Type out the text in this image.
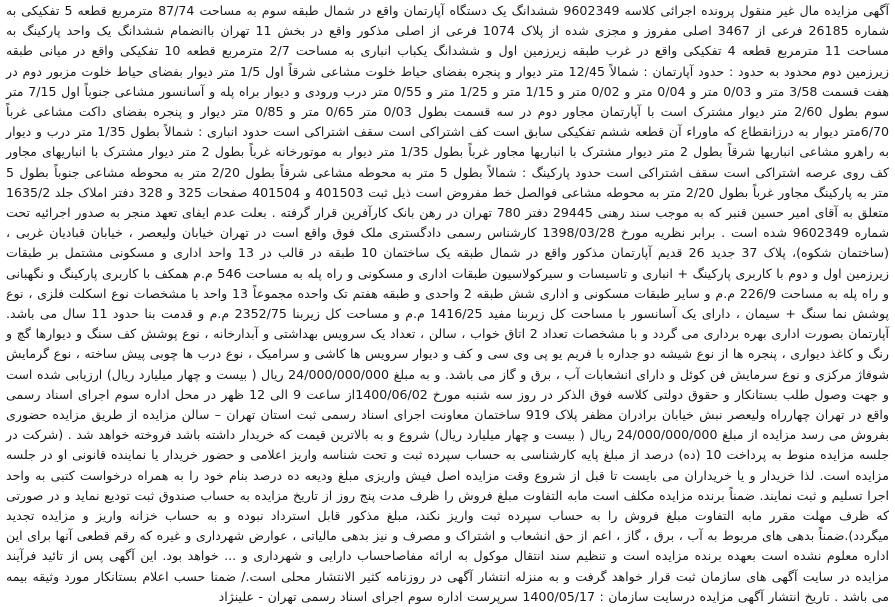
آگهی مزایده مال غیر منقول پرونده اجرائی کلاسه 9602349 ششدانگ یک دستگاه آپارتمان واقع در شمال طبقه سوم به مساحت 87/74 مترمربع قطعه 5 تفکیکی به شماره 26185 فرعی از 3467 اصلی مفروز و مجزی شده از پلاک 1074 فرعی از اصلی مذکور واقع در بخش 11 تهران باانضمام ششدانگ یک واحد پارکینگ به مساحت 11 مترمربع قطعه 4 تفکیکی واقع در غرب طبقه زیرزمین اول و ششدانگ یکباب انباری به مساحت 2/7 مترمربع قطعه 10 تفکیکی واقع در میانی طبقه زیرزمین دوم محدود به حدود : حدود آپارتمان : شمالاً 12/45 متر دیوار و پنجره بفضای حیاط خلوت مشاعی شرقاً اول 1/5 متر دیوار بفضای حیاط خلوت مزبور دوم در هفت قسمت 3/58 متر و 0/03 متر و 0/04 متر و 0/02 متر و 1/15 متر و 1/25 متر و 0/55 متر درب ورودی و دیوار براه پله و آسانسور مشاعی جنوباً اول 7/15 متر سوم بطول 2/60 متر دیوار مشترک است با آپارتمان مجاور دوم در سه قسمت بطول 0/03 متر 0/65 متر و 0/85 متر دیوار و پنجره بفضای داکت مشاعی غرباً 6/70متر دیوار به درزانقطاع که ماوراء آن قطعه ششم تفکیکی سابق است کف اشتراکی است سقف اشتراکی است حدود انباری : شمالاً بطول 1/35 متر درب و دیوار به راهرو مشاعی انباریها شرقاً بطول 2 متر دیوار مشترک با انباریها مجاور غرباً بطول 1/35 متر دیوار به موتورخانه غرباً بطول 2 متر دیوار مشترک با انباریهای مجاور کف روی عرصه اشتراکی است سقف اشتراکی است حدود پارکینگ : شمالاً بطول 5 متر به محوطه مشاعی شرقاً بطول 2/20 متر به محوطه مشاعی جنوباً بطول 5 متر به پارکینگ مجاور غرباً بطول 2/20 متر به محوطه مشاعی فوالصل خط مفروض است ذیل ثبت 401503 و 401504 صفحات 325 و 328 دفتر املاک جلد 1635/2 متعلق به آقای امیر حسین قنبر که به موجب سند رهنی 29445 دفتر 780 تهران در رهن بانک کارآفرین قرار گرفته . بعلت عدم ایفای تعهد منجر به صدور اجرائیه تحت شماره 9602349 شده است . برابر نظریه مورخ 1398/03/28 کارشناس رسمی دادگستری ملک فوق واقع است در تهران خیابان ولیعصر ، خیابان قبادیان غربی ، (ساختمان شکوه)، پلاک 37 جدید 26 قدیم آپارتمان مذکور واقع در شمال طبقه یک ساختمان 10 طبقه در قالب در 13 واحد اداری و مسکونی مشتمل بر طبقات زیرزمین اول و دوم با کاربری پارکینگ + انباری و تاسیسات و سیرکولاسیون طبقات اداری و مسکونی و راه پله به مساحت 546 م.م همکف با کاربری پارکینگ و نگهبانی و راه پله به مساحت 226/9 م.م و سایر طبقات مسکونی و اداری شش طبقه 2 واحدی و طبقه هفتم تک واحده مجموعاً 13 واحد با مشخصات نوع اسکلت فلزی ، نوع پوشش نما سنگ + سیمان ، دارای یک آسانسور با مساحت کل زیربنا مفید 1416/25 م.م و مساحت کل زیربنا 2352/75 م.م و قدمت بنا حدود 11 سال می باشد. آپارتمان بصورت اداری بهره برداری می گردد و با مشخصات تعداد 2 اتاق خواب ، سالن ، تعداد یک سرویس بهداشتی و آبدارخانه ، نوع پوشش کف سنگ و دیوارها گچ و رنگ و کاغذ دیواری ، پنجره ها از نوع شیشه دو جداره با فریم یو پی وی سی و کف و دیوار سرویس ها کاشی و سرامیک ، نوع درب ها چوبی پیش ساخته ، نوع گرمایش شوفاژ مرکزی و نوع سرمایش فن کوئل و دارای انشعابات آب ، برق و گاز می باشد. و به مبلغ 24/000/000/000 ریال ( بیست و چهار میلیارد ریال) ارزیابی شده است و جهت وصول طلب بستانکار و حقوق دولتی کلاسه فوق الذکر در روز سه شنبه مورخ 1400/06/02از ساعت 9 الی 12 ظهر در محل اداره سوم اجرای اسناد رسمی واقع در تهران چهارراه ولیعصر نبش خیابان برادران مظفر پلاک 919 ساختمان معاونت اجرای اسناد رسمی ثبت استان تهران – سالن مزایده از طریق مزایده حضوری بفروش می رسد مزایده از مبلغ 24/000/000/000 ریال ( بیست و چهار میلیارد ریال) شروع و به بالاترین قیمت که خریدار داشته باشد فروخته خواهد شد . (شرکت در جلسه مزایده منوط به پرداخت 10 (ده) درصد از مبلغ پایه کارشناسی به حساب سپرده ثبت و تحت شناسه واریز اعلامی و حضور خریدار یا نماینده قانونی او در جلسه مزایده است. لذا خریدار و یا خریداران می بایست تا قبل از شروع وقت مزایده اصل فیش واریزی مبلغ ودیعه ده درصد بنام خود را به همراه درخواست کتبی به واحد اجرا تسلیم و ثبت نمایند. ضمناً برنده مزایده مکلف است مابه التفاوت مبلغ فروش را ظرف مدت پنج روز از تاریخ مزایده به حساب صندوق ثبت تودیع نماید و در صورتی که ظرف مهلت مقرر مابه التفاوت مبلغ فروش را به حساب سپرده ثبت واریز نکند، مبلغ مذکور قابل استرداد نبوده و به حساب خزانه واریز و مزایده تجدید میگردد).ضمناً بدهی های مربوط به آب ، برق ، گاز ، اعم از حق انشعاب و اشتراک و مصرف و نیز بدهی مالیاتی ، عوارض شهرداری و غیره که رقم قطعی آنها برای این اداره معلوم نشده است بعهده برنده مزایده است و تنظیم سند انتقال موکول به ارائه مفاصاحساب دارایی و شهرداری و ... خواهد بود. این آگهی پس از تائید فرآیند مزایده در سایت آگهی های سازمان ثبت قرار خواهد گرفت و به منزله انتشار آگهی در روزنامه کثیر الانتشار محلی است./ ضمنا حسب اعلام بستانکار مورد وثیقه بیمه می باشد . تاریخ انتشار آگهی مزایده درسایت سازمان : 1400/05/17 سرپرست اداره سوم اجرای اسناد رسمی تهران - علینژاد
